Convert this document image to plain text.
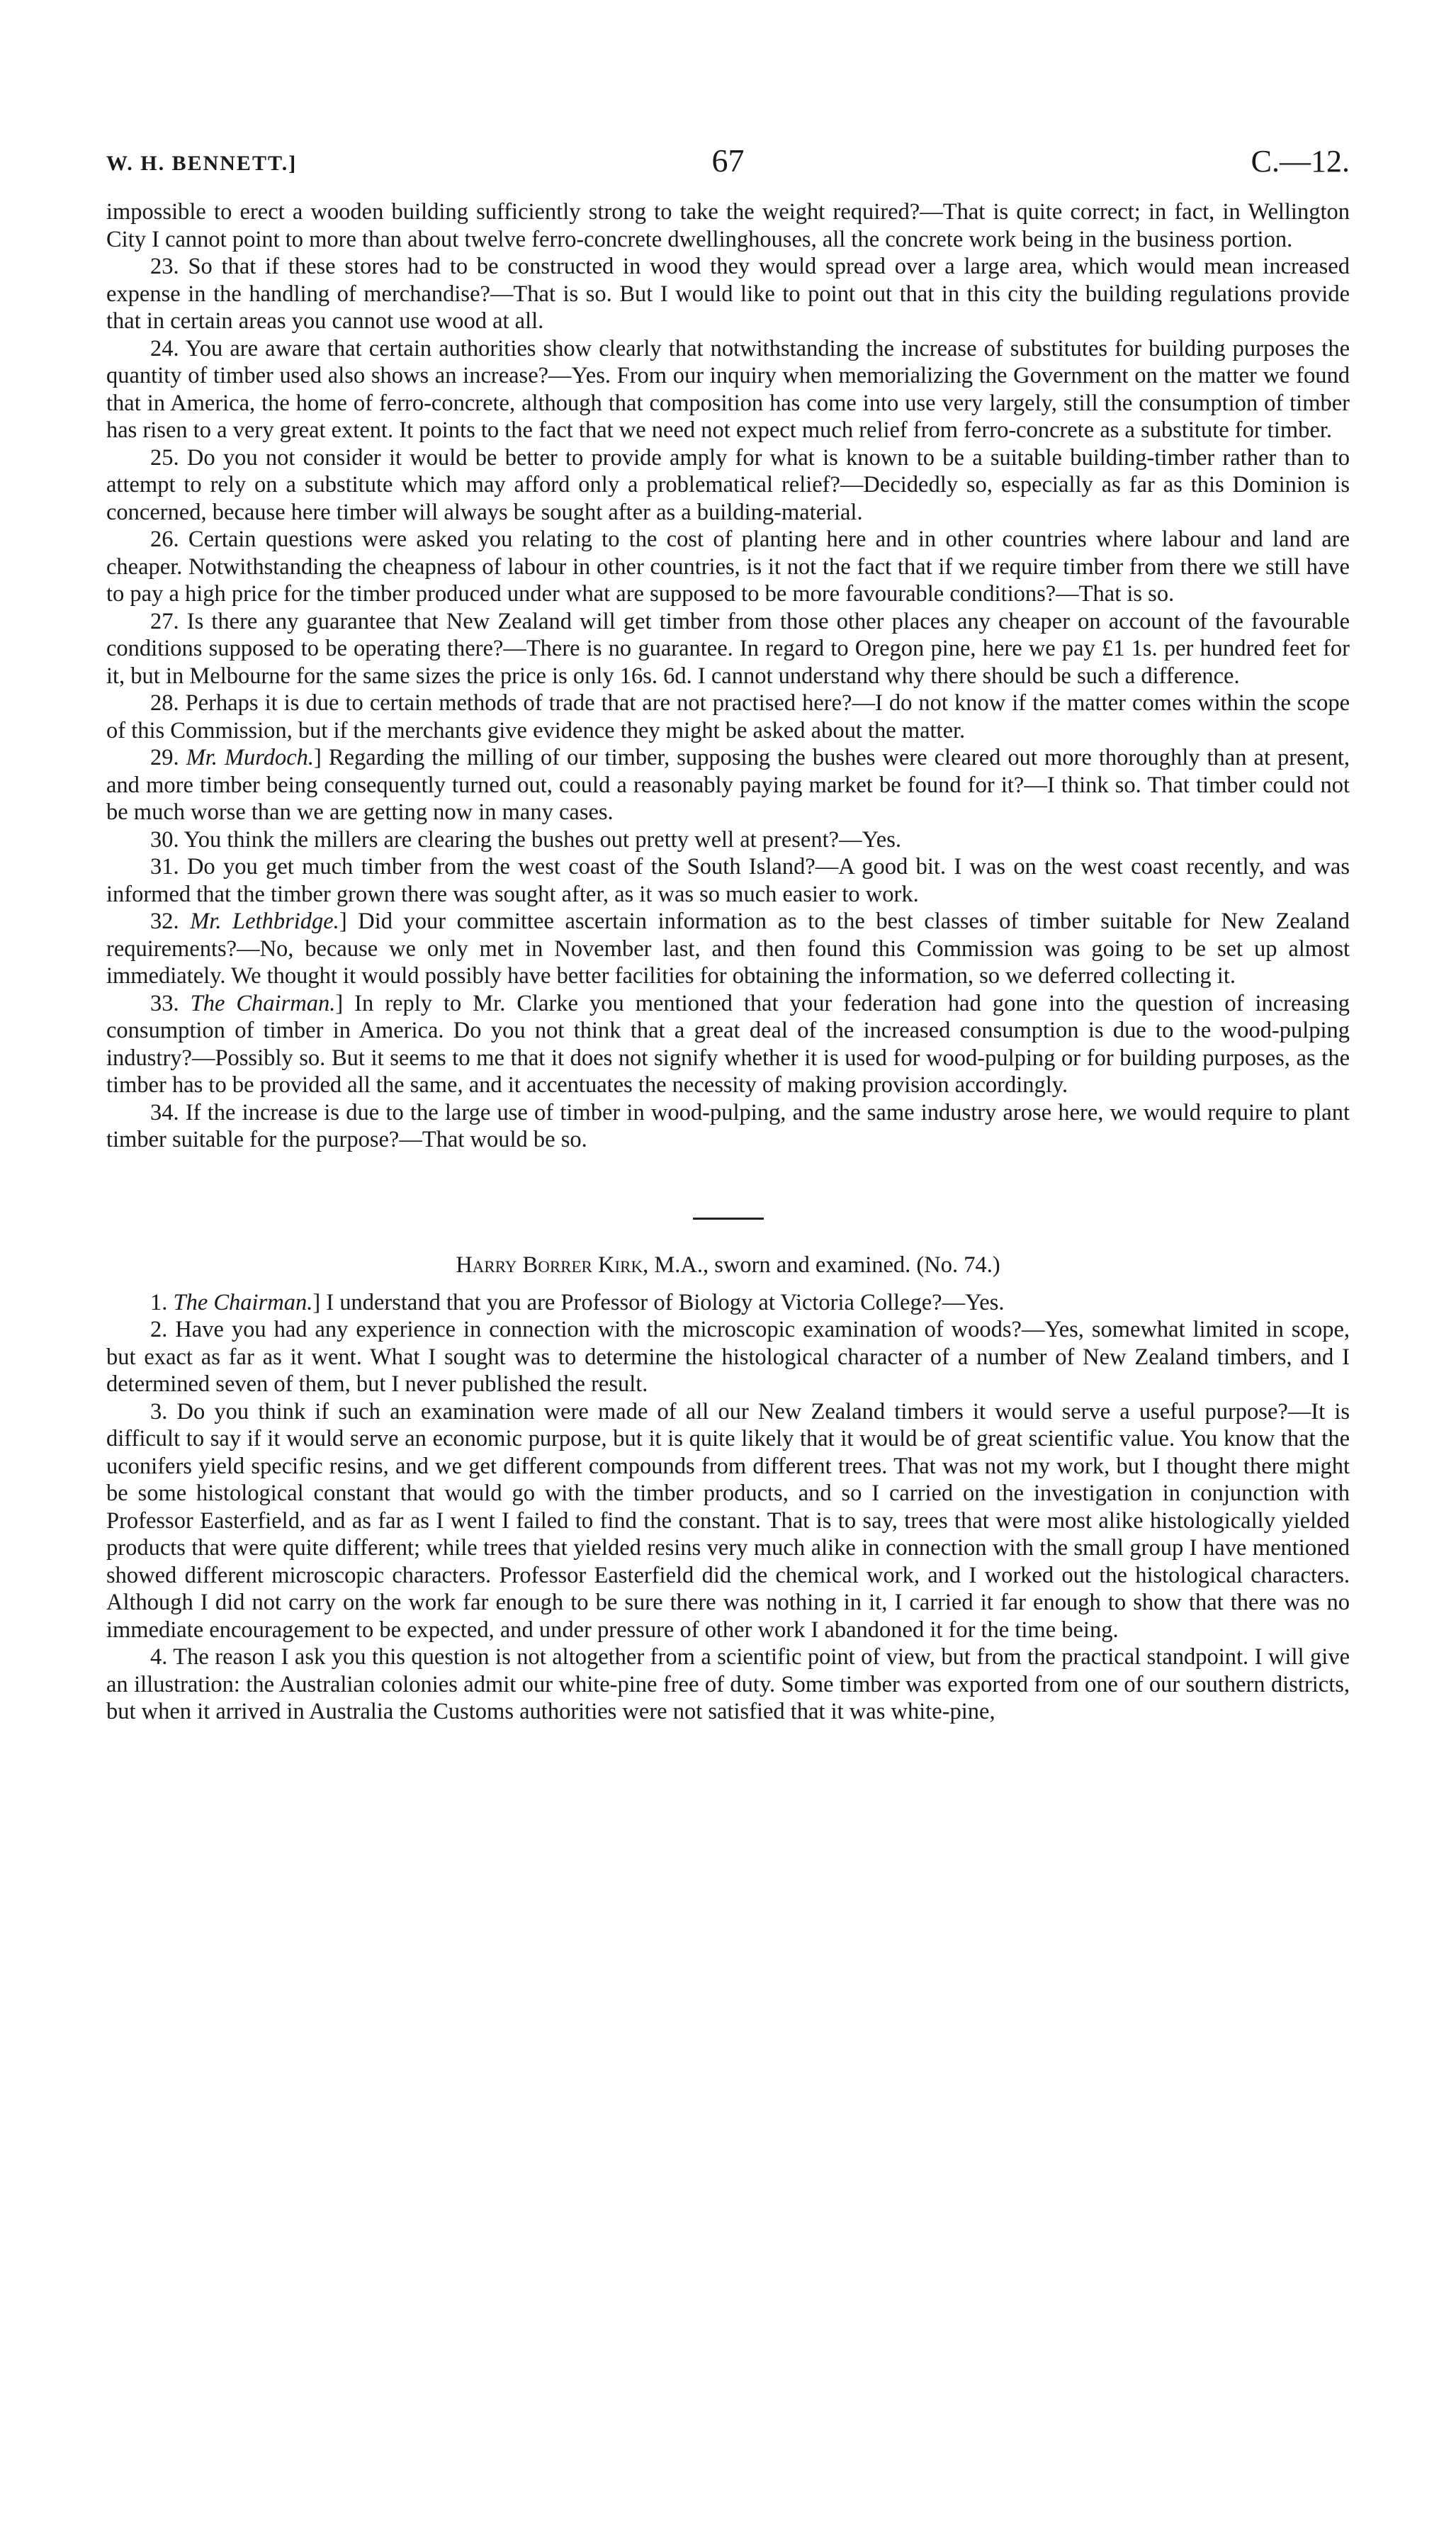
W. H. BENNETT.]	67	C.—12.

impossible to erect a wooden building sufficiently strong to take the weight required?—That is quite correct; in fact, in Wellington City I cannot point to more than about twelve ferro-concrete dwellinghouses, all the concrete work being in the business portion.

23. So that if these stores had to be constructed in wood they would spread over a large area, which would mean increased expense in the handling of merchandise?—That is so. But I would like to point out that in this city the building regulations provide that in certain areas you cannot use wood at all.

24. You are aware that certain authorities show clearly that notwithstanding the increase of substitutes for building purposes the quantity of timber used also shows an increase?—Yes. From our inquiry when memorializing the Government on the matter we found that in America, the home of ferro-concrete, although that composition has come into use very largely, still the consumption of timber has risen to a very great extent. It points to the fact that we need not expect much relief from ferro-concrete as a substitute for timber.

25. Do you not consider it would be better to provide amply for what is known to be a suitable building-timber rather than to attempt to rely on a substitute which may afford only a problematical relief?—Decidedly so, especially as far as this Dominion is concerned, because here timber will always be sought after as a building-material.

26. Certain questions were asked you relating to the cost of planting here and in other countries where labour and land are cheaper. Notwithstanding the cheapness of labour in other countries, is it not the fact that if we require timber from there we still have to pay a high price for the timber produced under what are supposed to be more favourable conditions?—That is so.

27. Is there any guarantee that New Zealand will get timber from those other places any cheaper on account of the favourable conditions supposed to be operating there?—There is no guarantee. In regard to Oregon pine, here we pay £1 1s. per hundred feet for it, but in Melbourne for the same sizes the price is only 16s. 6d. I cannot understand why there should be such a difference.

28. Perhaps it is due to certain methods of trade that are not practised here?—I do not know if the matter comes within the scope of this Commission, but if the merchants give evidence they might be asked about the matter.

29. Mr. Murdoch.] Regarding the milling of our timber, supposing the bushes were cleared out more thoroughly than at present, and more timber being consequently turned out, could a reasonably paying market be found for it?—I think so. That timber could not be much worse than we are getting now in many cases.

30. You think the millers are clearing the bushes out pretty well at present?—Yes.

31. Do you get much timber from the west coast of the South Island?—A good bit. I was on the west coast recently, and was informed that the timber grown there was sought after, as it was so much easier to work.

32. Mr. Lethbridge.] Did your committee ascertain information as to the best classes of timber suitable for New Zealand requirements?—No, because we only met in November last, and then found this Commission was going to be set up almost immediately. We thought it would possibly have better facilities for obtaining the information, so we deferred collecting it.

33. The Chairman.] In reply to Mr. Clarke you mentioned that your federation had gone into the question of increasing consumption of timber in America. Do you not think that a great deal of the increased consumption is due to the wood-pulping industry?—Possibly so. But it seems to me that it does not signify whether it is used for wood-pulping or for building purposes, as the timber has to be provided all the same, and it accentuates the necessity of making provision accordingly.

34. If the increase is due to the large use of timber in wood-pulping, and the same industry arose here, we would require to plant timber suitable for the purpose?—That would be so.

Harry Borrer Kirk, M.A., sworn and examined. (No. 74.)

1. The Chairman.] I understand that you are Professor of Biology at Victoria College?—Yes.

2. Have you had any experience in connection with the microscopic examination of woods?—Yes, somewhat limited in scope, but exact as far as it went. What I sought was to determine the histological character of a number of New Zealand timbers, and I determined seven of them, but I never published the result.

3. Do you think if such an examination were made of all our New Zealand timbers it would serve a useful purpose?—It is difficult to say if it would serve an economic purpose, but it is quite likely that it would be of great scientific value. You know that the uconifers yield specific resins, and we get different compounds from different trees. That was not my work, but I thought there might be some histological constant that would go with the timber products, and so I carried on the investigation in conjunction with Professor Easterfield, and as far as I went I failed to find the constant. That is to say, trees that were most alike histologically yielded products that were quite different; while trees that yielded resins very much alike in connection with the small group I have mentioned showed different microscopic characters. Professor Easterfield did the chemical work, and I worked out the histological characters. Although I did not carry on the work far enough to be sure there was nothing in it, I carried it far enough to show that there was no immediate encouragement to be expected, and under pressure of other work I abandoned it for the time being.

4. The reason I ask you this question is not altogether from a scientific point of view, but from the practical standpoint. I will give an illustration: the Australian colonies admit our white-pine free of duty. Some timber was exported from one of our southern districts, but when it arrived in Australia the Customs authorities were not satisfied that it was white-pine,
